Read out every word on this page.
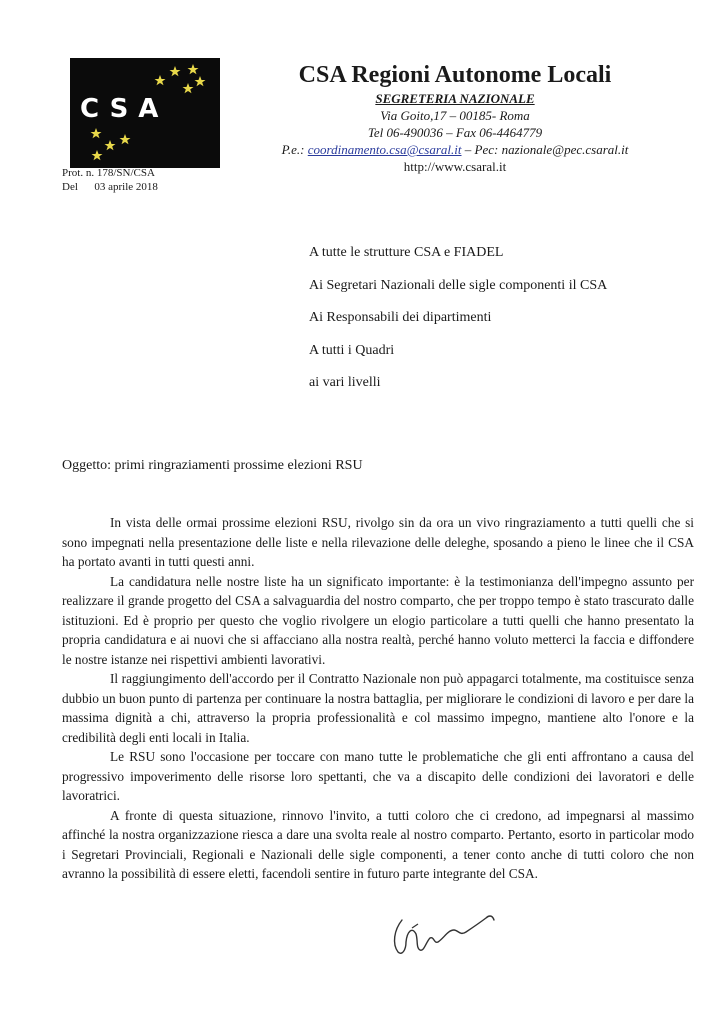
CSA
CSA Regioni Autonome Locali
SEGRETERIA NAZIONALE
Via Goito,17 – 00185- Roma
Tel 06-490036 – Fax 06-4464779
P.e.: coordinamento.csa@csaral.it – Pec: nazionale@pec.csaral.it
http://www.csaral.it
Prot. n. 178/SN/CSA
Del      03 aprile 2018
A tutte le strutture CSA e FIADEL
Ai Segretari Nazionali delle sigle componenti il CSA
Ai Responsabili dei dipartimenti
A tutti i Quadri
ai vari livelli
Oggetto: primi ringraziamenti prossime elezioni RSU

In vista delle ormai prossime elezioni RSU, rivolgo sin da ora un vivo ringraziamento a tutti quelli che si sono impegnati nella presentazione delle liste e nella rilevazione delle deleghe, sposando a pieno le linee che il CSA ha portato avanti in tutti questi anni.

La candidatura nelle nostre liste ha un significato importante: è la testimonianza dell'impegno assunto per realizzare il grande progetto del CSA a salvaguardia del nostro comparto, che per troppo tempo è stato trascurato dalle istituzioni. Ed è proprio per questo che voglio rivolgere un elogio particolare a tutti quelli che hanno presentato la propria candidatura e ai nuovi che si affacciano alla nostra realtà, perché hanno voluto metterci la faccia e diffondere le nostre istanze nei rispettivi ambienti lavorativi.

Il raggiungimento dell'accordo per il Contratto Nazionale non può appagarci totalmente, ma costituisce senza dubbio un buon punto di partenza per continuare la nostra battaglia, per migliorare le condizioni di lavoro e per dare la massima dignità a chi, attraverso la propria professionalità e col massimo impegno, mantiene alto l'onore e la credibilità degli enti locali in Italia.

Le RSU sono l'occasione per toccare con mano tutte le problematiche che gli enti affrontano a causa del progressivo impoverimento delle risorse loro spettanti, che va a discapito delle condizioni dei lavoratori e delle lavoratrici.

A fronte di questa situazione, rinnovo l'invito, a tutti coloro che ci credono, ad impegnarsi al massimo affinché la nostra organizzazione riesca a dare una svolta reale al nostro comparto. Pertanto, esorto in particolar modo i Segretari Provinciali, Regionali e Nazionali delle sigle componenti, a tener conto anche di tutti coloro che non avranno la possibilità di essere eletti, facendoli sentire in futuro parte integrante del CSA.
